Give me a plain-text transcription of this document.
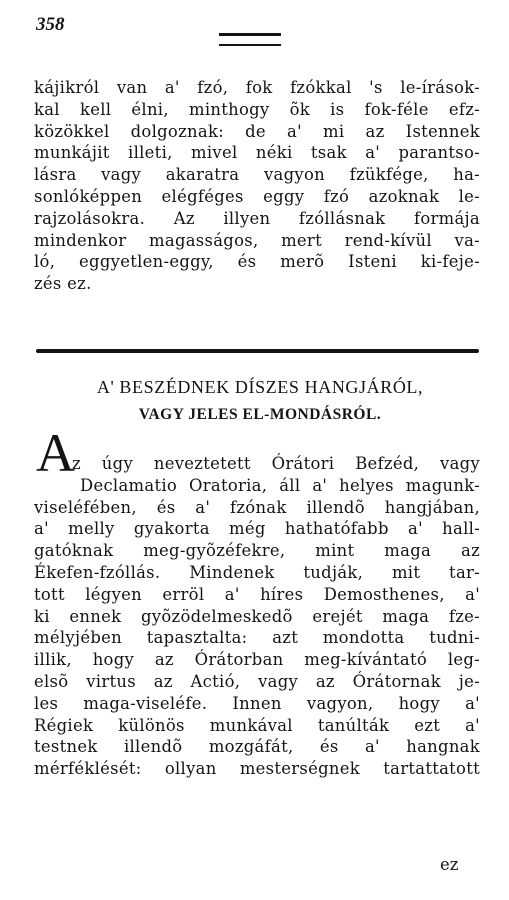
358

kájikról van a' fzó, fok fzókkal 's le-írások-
kal kell élni, minthogy õk is fok-féle efz-
közökkel dolgoznak: de a' mi az Istennek
munkájit illeti, mivel néki tsak a' parantso-
lásra vagy akaratra vagyon fzükfége, ha-
sonlóképpen elégféges eggy fzó azoknak le-
rajzolásokra. Az illyen fzóllásnak formája
mindenkor magasságos, mert rend-kívül va-
ló, eggyetlen-eggy, és merõ Isteni ki-feje-
zés ez.

A' BESZÉDNEK DÍSZES HANGJÁRÓL,
VAGY JELES EL-MONDÁSRÓL.
A

z úgy neveztetett Órátori Befzéd, vagy
Declamatio Oratoria, áll a' helyes magunk-
viseléfében, és a' fzónak illendõ hangjában,
a' melly gyakorta még hathatófabb a' hall-
gatóknak meg-gyõzéfekre, mint maga az
Ékefen-fzóllás. Mindenek tudják, mit tar-
tott légyen erröl a' híres Demosthenes, a'
ki ennek gyõzödelmeskedõ erejét maga fze-
mélyjében tapasztalta: azt mondotta tudni-
illik, hogy az Órátorban meg-kívántató leg-
elsõ virtus az Actió, vagy az Órátornak je-
les maga-viseléfe. Innen vagyon, hogy a'
Régiek különös munkával tanúlták ezt a'
testnek illendõ mozgáfát, és a' hangnak
mérféklését: ollyan mesterségnek tartattatott

ez
